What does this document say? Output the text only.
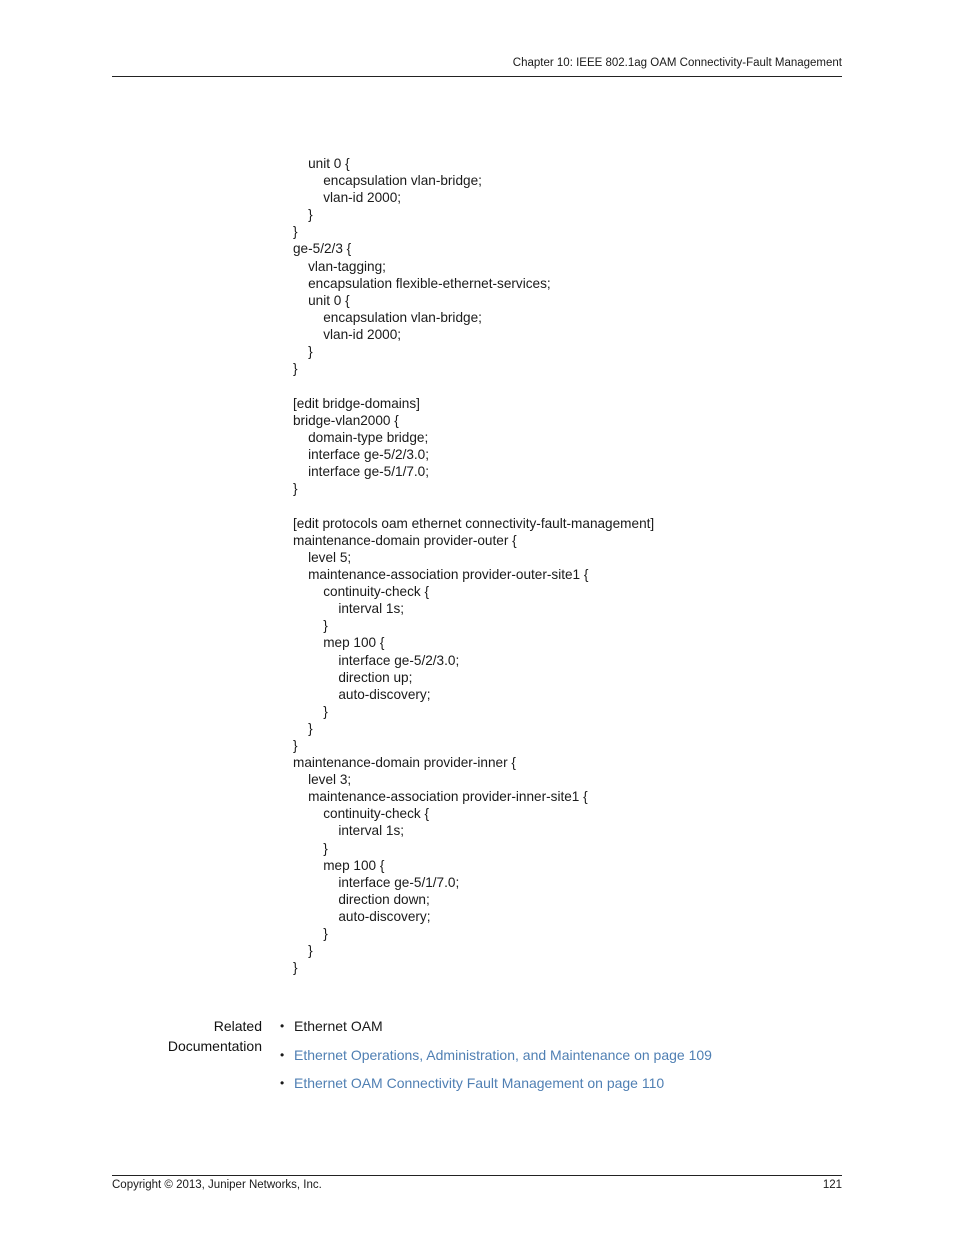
Chapter 10: IEEE 802.1ag OAM Connectivity-Fault Management
unit 0 {
encapsulation vlan-bridge;
vlan-id 2000;
}
}
ge-5/2/3 {
vlan-tagging;
encapsulation flexible-ethernet-services;
unit 0 {
encapsulation vlan-bridge;
vlan-id 2000;
}
}
[edit bridge-domains]
bridge-vlan2000 {
domain-type bridge;
interface ge-5/2/3.0;
interface ge-5/1/7.0;
}
[edit protocols oam ethernet connectivity-fault-management]
maintenance-domain provider-outer {
level 5;
maintenance-association provider-outer-site1 {
continuity-check {
interval 1s;
}
mep 100 {
interface ge-5/2/3.0;
direction up;
auto-discovery;
}
}
}
maintenance-domain provider-inner {
level 3;
maintenance-association provider-inner-site1 {
continuity-check {
interval 1s;
}
mep 100 {
interface ge-5/1/7.0;
direction down;
auto-discovery;
}
}
}
Related
Documentation
• Ethernet OAM
• Ethernet Operations, Administration, and Maintenance on page 109
• Ethernet OAM Connectivity Fault Management on page 110
Copyright © 2013, Juniper Networks, Inc.	121
